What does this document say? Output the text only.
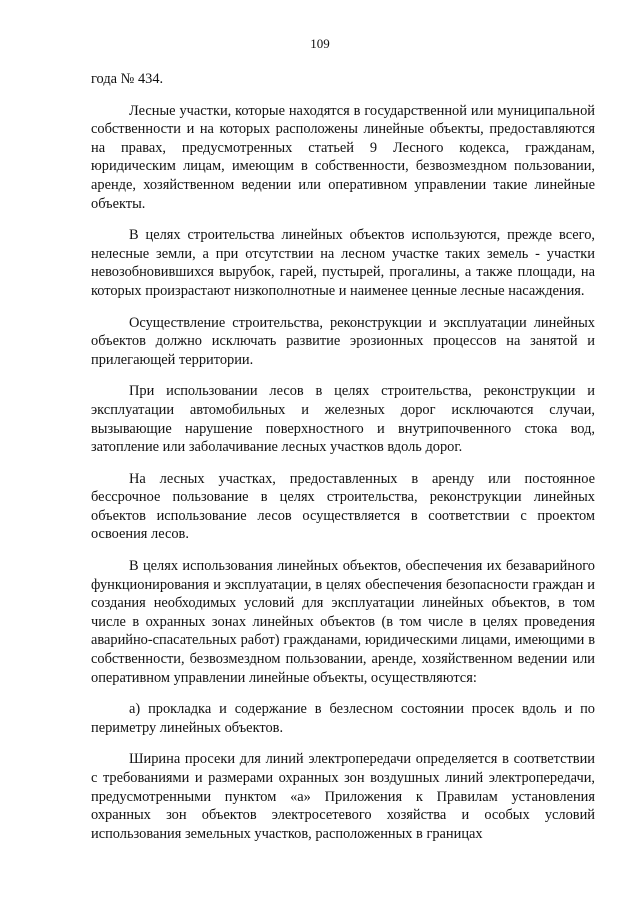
109

года № 434.

Лесные участки, которые находятся в государственной или муниципальной собственности и на которых расположены линейные объекты, предоставляются на правах, предусмотренных статьей 9 Лесного кодекса, гражданам, юридическим лицам, имеющим в собственности, безвозмездном пользовании, аренде, хозяйственном ведении или оперативном управлении такие линейные объекты.

В целях строительства линейных объектов используются, прежде всего, нелесные земли, а при отсутствии на лесном участке таких земель - участки невозобновившихся вырубок, гарей, пустырей, прогалины, а также площади, на которых произрастают низкополнотные и наименее ценные лесные насаждения.

Осуществление строительства, реконструкции и эксплуатации линейных объектов должно исключать развитие эрозионных процессов на занятой и прилегающей территории.

При использовании лесов в целях строительства, реконструкции и эксплуатации автомобильных и железных дорог исключаются случаи, вызывающие нарушение поверхностного и внутрипочвенного стока вод, затопление или заболачивание лесных участков вдоль дорог.

На лесных участках, предоставленных в аренду или постоянное бессрочное пользование в целях строительства, реконструкции линейных объектов использование лесов осуществляется в соответствии с проектом освоения лесов.

В целях использования линейных объектов, обеспечения их безаварийного функционирования и эксплуатации, в целях обеспечения безопасности граждан и создания необходимых условий для эксплуатации линейных объектов, в том числе в охранных зонах линейных объектов (в том числе в целях проведения аварийно-спасательных работ) гражданами, юридическими лицами, имеющими в собственности, безвозмездном пользовании, аренде, хозяйственном ведении или оперативном управлении линейные объекты, осуществляются:

а) прокладка и содержание в безлесном состоянии просек вдоль и по периметру линейных объектов.

Ширина просеки для линий электропередачи определяется в соответствии с требованиями и размерами охранных зон воздушных линий электропередачи, предусмотренными пунктом «а» Приложения к Правилам установления охранных зон объектов электросетевого хозяйства и особых условий использования земельных участков, расположенных в границах
